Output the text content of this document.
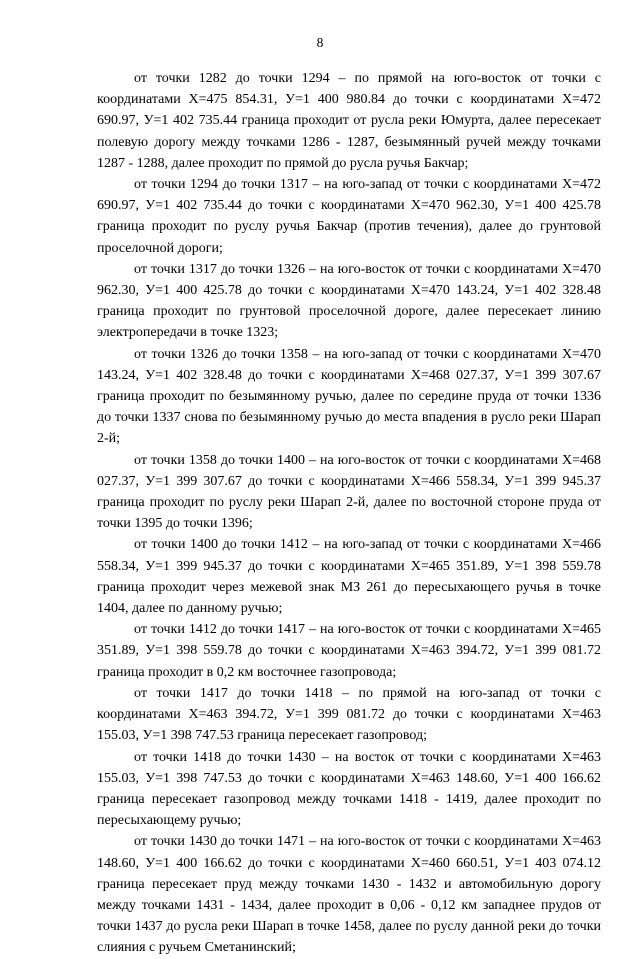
8

от точки 1282 до точки 1294 – по прямой на юго-восток от точки с координатами Х=475 854.31, У=1 400 980.84 до точки с координатами Х=472 690.97, У=1 402 735.44 граница проходит от русла реки Юмурта, далее пересекает полевую дорогу между точками 1286 - 1287, безымянный ручей между точками 1287 - 1288, далее проходит по прямой до русла ручья Бакчар;

от точки 1294 до точки 1317 – на юго-запад от точки с координатами Х=472 690.97, У=1 402 735.44 до точки с координатами Х=470 962.30, У=1 400 425.78 граница проходит по руслу ручья Бакчар (против течения), далее до грунтовой проселочной дороги;

от точки 1317 до точки 1326 – на юго-восток от точки с координатами Х=470 962.30, У=1 400 425.78 до точки с координатами Х=470 143.24, У=1 402 328.48 граница проходит по грунтовой проселочной дороге, далее пересекает линию электропередачи в точке 1323;

от точки 1326 до точки 1358 – на юго-запад от точки с координатами Х=470 143.24, У=1 402 328.48 до точки с координатами Х=468 027.37, У=1 399 307.67 граница проходит по безымянному ручью, далее по середине пруда от точки 1336 до точки 1337 снова по безымянному ручью до места впадения в русло реки Шарап 2-й;

от точки 1358 до точки 1400 – на юго-восток от точки с координатами Х=468 027.37, У=1 399 307.67 до точки с координатами Х=466 558.34, У=1 399 945.37 граница проходит по руслу реки Шарап 2-й, далее по восточной стороне пруда от точки 1395 до точки 1396;

от точки 1400 до точки 1412 – на юго-запад от точки с координатами Х=466 558.34, У=1 399 945.37 до точки с координатами Х=465 351.89, У=1 398 559.78 граница проходит через межевой знак МЗ 261 до пересыхающего ручья в точке 1404, далее по данному ручью;

от точки 1412 до точки 1417 – на юго-восток от точки с координатами Х=465 351.89, У=1 398 559.78 до точки с координатами Х=463 394.72, У=1 399 081.72 граница проходит в 0,2 км восточнее газопровода;

от точки 1417 до точки 1418 – по прямой на юго-запад от точки с координатами Х=463 394.72, У=1 399 081.72 до точки с координатами Х=463 155.03, У=1 398 747.53 граница пересекает газопровод;

от точки 1418 до точки 1430 – на восток от точки с координатами Х=463 155.03, У=1 398 747.53 до точки с координатами Х=463 148.60, У=1 400 166.62 граница пересекает газопровод между точками 1418 - 1419, далее проходит по пересыхающему ручью;

от точки 1430 до точки 1471 – на юго-восток от точки с координатами Х=463 148.60, У=1 400 166.62 до точки с координатами Х=460 660.51, У=1 403 074.12 граница пересекает пруд между точками 1430 - 1432 и автомобильную дорогу между точками 1431 - 1434, далее проходит в 0,06 - 0,12 км западнее прудов от точки 1437 до русла реки Шарап в точке 1458, далее по руслу данной реки до точки слияния с ручьем Сметанинский;
